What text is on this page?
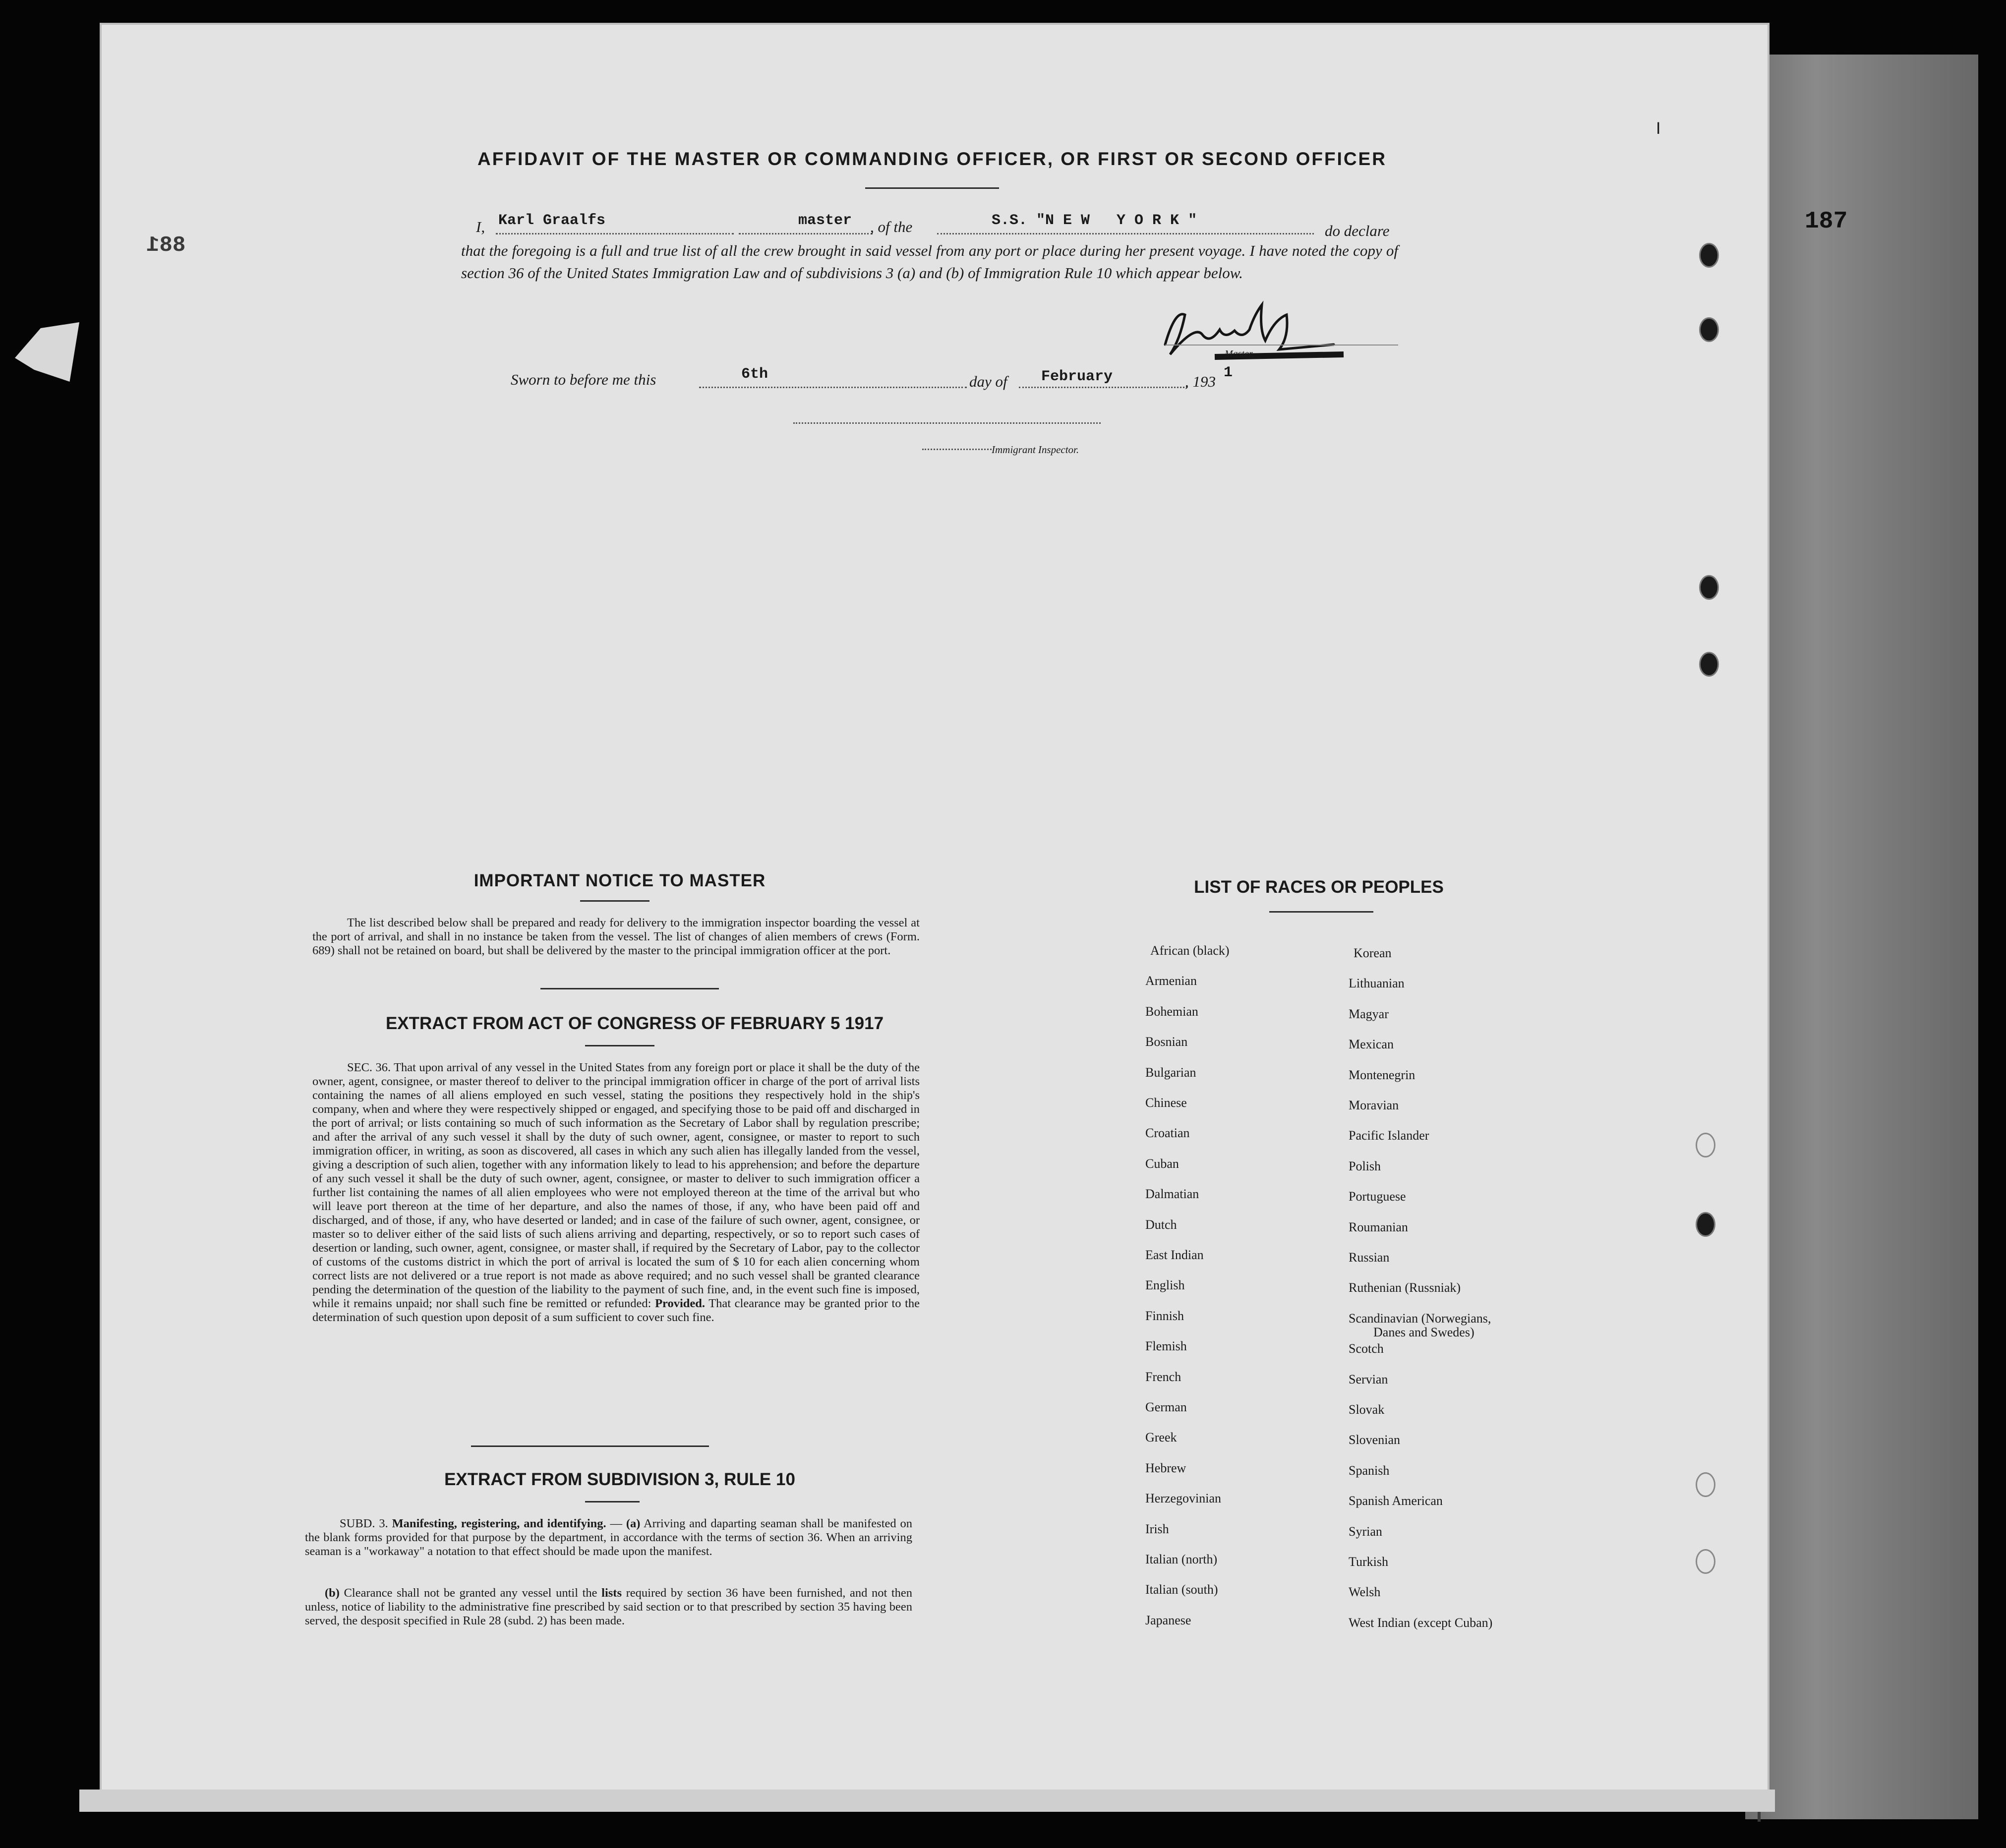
881
187
I
AFFIDAVIT OF THE MASTER OR COMMANDING OFFICER, OR FIRST OR SECOND OFFICER
I, Karl Graalfs	master , of the	S.S. "N E W   Y O R K "
do declare
that the foregoing is a full and true list of all the crew brought in said vessel from any port or place during her present voyage. I have noted the copy of section 36 of the United States Immigration Law and of subdivisions 3 (a) and (b) of Immigration Rule 10 which appear below.
Master,
Sworn to before me this	6th	day of February	, 193 1
Immigrant Inspector.
IMPORTANT NOTICE TO MASTER
The list described below shall be prepared and ready for delivery to the immigration inspector boarding the vessel at the port of arrival, and shall in no instance be taken from the vessel. The list of changes of alien members of crews (Form. 689) shall not be retained on board, but shall be delivered by the master to the principal immigration officer at the port.
EXTRACT FROM ACT OF CONGRESS OF FEBRUARY 5 1917
SEC. 36. That upon arrival of any vessel in the United States from any foreign port or place it shall be the duty of the owner, agent, consignee, or master thereof to deliver to the principal immigration officer in charge of the port of arrival lists containing the names of all aliens employed en such vessel, stating the positions they respectively hold in the ship's company, when and where they were respectively shipped or engaged, and specifying those to be paid off and discharged in the port of arrival; or lists containing so much of such information as the Secretary of Labor shall by regulation prescribe; and after the arrival of any such vessel it shall by the duty of such owner, agent, consignee, or master to report to such immigration officer, in writing, as soon as discovered, all cases in which any such alien has illegally landed from the vessel, giving a description of such alien, together with any information likely to lead to his apprehension; and before the departure of any such vessel it shall be the duty of such owner, agent, consignee, or master to deliver to such immigration officer a further list containing the names of all alien employees who were not employed thereon at the time of the arrival but who will leave port thereon at the time of her departure, and also the names of those, if any, who have been paid off and discharged, and of those, if any, who have deserted or landed; and in case of the failure of such owner, agent, consignee, or master so to deliver either of the said lists of such aliens arriving and departing, respectively, or so to report such cases of desertion or landing, such owner, agent, consignee, or master shall, if required by the Secretary of Labor, pay to the collector of customs of the customs district in which the port of arrival is located the sum of $ 10 for each alien concerning whom correct lists are not delivered or a true report is not made as above required; and no such vessel shall be granted clearance pending the determination of the question of the liability to the payment of such fine, and, in the event such fine is imposed, while it remains unpaid; nor shall such fine be remitted or refunded: Provided. That clearance may be granted prior to the determination of such question upon deposit of a sum sufficient to cover such fine.
EXTRACT FROM SUBDIVISION 3, RULE 10
SUBD. 3. Manifesting, registering, and identifying. — (a) Arriving and daparting seaman shall be manifested on the blank forms provided for that purpose by the department, in accordance with the terms of section 36. When an arriving seaman is a "workaway" a notation to that effect should be made upon the manifest.
(b) Clearance shall not be granted any vessel until the lists required by section 36 have been furnished, and not then unless, notice of liability to the administrative fine prescribed by said section or to that prescribed by section 35 having been served, the desposit specified in Rule 28 (subd. 2) has been made.
LIST OF RACES OR PEOPLES
African (black)
Armenian
Bohemian
Bosnian
Bulgarian
Chinese
Croatian
Cuban
Dalmatian
Dutch
East Indian
English
Finnish
Flemish
French
German
Greek
Hebrew
Herzegovinian
Irish
Italian (north)
Italian (south)
Japanese
Korean
Lithuanian
Magyar
Mexican
Montenegrin
Moravian
Pacific Islander
Polish
Portuguese
Roumanian
Russian
Ruthenian (Russniak)
Scandinavian (Norwegians,
Scotch
Servian
Slovak
Slovenian
Spanish
Spanish American
Syrian
Turkish
Welsh
West Indian (except Cuban)
Danes and Swedes)
